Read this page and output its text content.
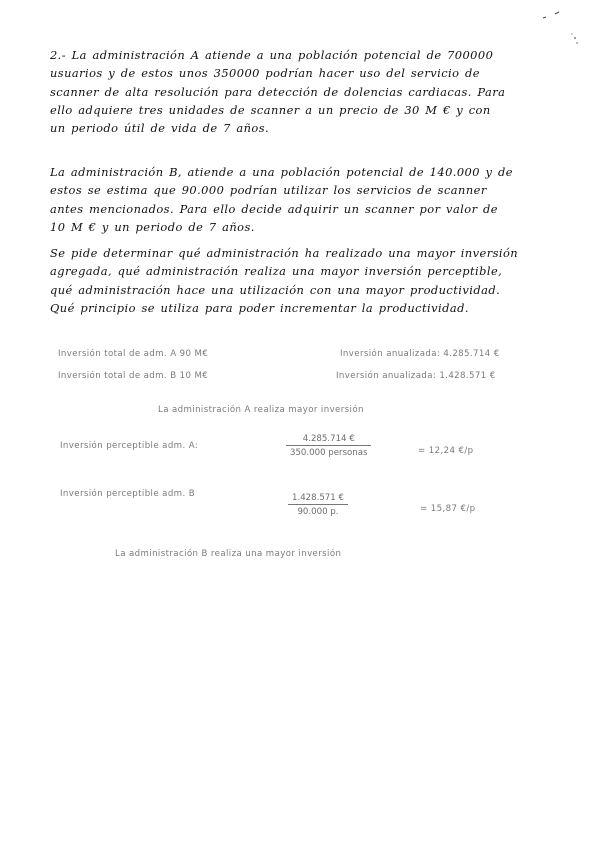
2.- La administración A atiende a una población potencial de 700000
usuarios y de estos unos 350000 podrían hacer uso del servicio de
scanner de alta resolución para detección de dolencias cardiacas. Para
ello adquiere tres unidades de scanner a un precio de 30 M € y con
un periodo útil de vida de 7 años.
La administración B, atiende a una población potencial de 140.000 y de
estos se estima que 90.000 podrían utilizar los servicios de scanner
antes mencionados. Para ello decide adquirir un scanner por valor de
10 M € y un periodo de 7 años.
Se pide determinar qué administración ha realizado una mayor inversión
agregada, qué administración realiza una mayor inversión perceptible,
qué administración hace una utilización con una mayor productividad.
Qué principio se utiliza para poder incrementar la productividad.
Inversión total de adm. A 90 M€	Inversión anualizada: 4.285.714 €
Inversión total de adm. B 10 M€	Inversión anualizada: 1.428.571 €
La administración A realiza mayor inversión
Inversión perceptible adm. A:
4.285.714 €
350.000 personas	= 12,24 €/p
Inversión perceptible adm. B	$\frac{1.428.571 €}{90.000 p.}$	= 15,87 €/p
La administración B realiza una mayor inversión
